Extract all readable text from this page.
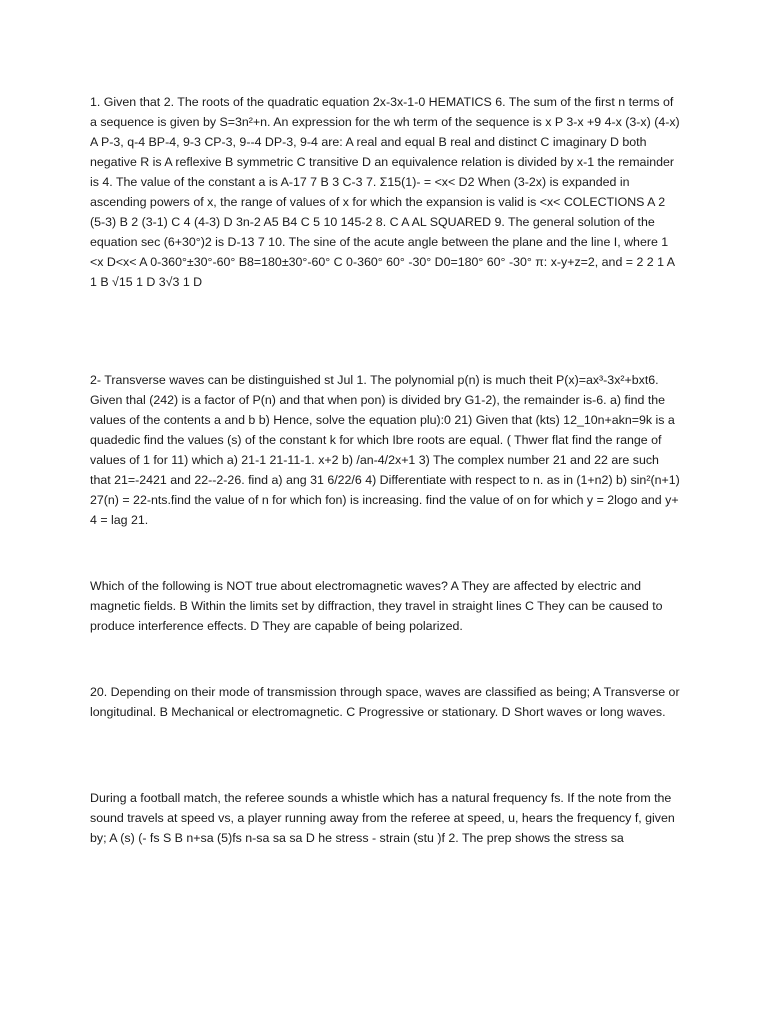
1. Given that 2. The roots of the quadratic equation 2x-3x-1-0 HEMATICS 6. The sum of the first n terms of a sequence is given by S=3n²+n. An expression for the wh term of the sequence is x P 3-x +9 4-x (3-x) (4-x) A P-3, q-4 BP-4, 9-3 CP-3, 9--4 DP-3, 9-4 are: A real and equal B real and distinct C imaginary D both negative R is A reflexive B symmetric C transitive D an equivalence relation is divided by x-1 the remainder is 4. The value of the constant a is A-17 7 B 3 C-3 7. Σ15(1)- = <x< D2 When (3-2x) is expanded in ascending powers of x, the range of values of x for which the expansion is valid is <x< COLECTIONS A 2 (5-3) B 2 (3-1) C 4 (4-3) D 3n-2 A5 B4 C 5 10 145-2 8. C A AL SQUARED 9. The general solution of the equation sec (6+30°)2 is D-13 7 10. The sine of the acute angle between the plane and the line I, where 1 <x D<x< A 0-360°±30°-60° B8=180±30°-60° C 0-360° 60° -30° D0=180° 60° -30° π: x-y+z=2, and = 2 2 1 A 1 B √15 1 D 3√3 1 D

2- Transverse waves can be distinguished st Jul 1. The polynomial p(n) is much theit P(x)=ax³-3x²+bxt6. Given thal (242) is a factor of P(n) and that when pon) is divided bry G1-2), the remainder is-6. a) find the values of the contents a and b b) Hence, solve the equation plu):0 21) Given that (kts) 12_10n+akn=9k is a quadedic find the values (s) of the constant k for which Ibre roots are equal. ( Thwer flat find the range of values of 1 for 11) which a) 21-1 21-11-1. x+2 b) /an-4/2x+1 3) The complex number 21 and 22 are such that 21=-2421 and 22--2-26. find a) ang 31 6/22/6 4) Differentiate with respect to n. as in (1+n2) b) sin²(n+1) 27(n) = 22-nts.find the value of n for which fon) is increasing. find the value of on for which y = 2logo and y+ 4 = lag 21.

Which of the following is NOT true about electromagnetic waves? A They are affected by electric and magnetic fields. B Within the limits set by diffraction, they travel in straight lines C They can be caused to produce interference effects. D They are capable of being polarized.

20. Depending on their mode of transmission through space, waves are classified as being; A Transverse or longitudinal. B Mechanical or electromagnetic. C Progressive or stationary. D Short waves or long waves.

During a football match, the referee sounds a whistle which has a natural frequency fs. If the note from the sound travels at speed vs, a player running away from the referee at speed, u, hears the frequency f, given by; A (s) (- fs S B n+sa (5)fs n-sa sa sa D he stress - strain (stu )f 2. The prep shows the stress sa
